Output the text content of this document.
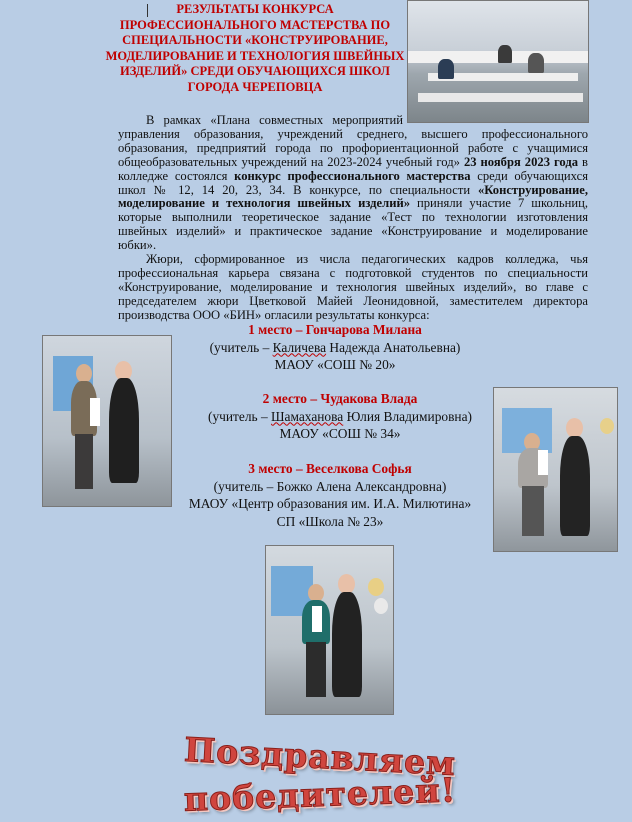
РЕЗУЛЬТАТЫ КОНКУРСА ПРОФЕССИОНАЛЬНОГО МАСТЕРСТВА ПО СПЕЦИАЛЬНОСТИ «КОНСТРУИРОВАНИЕ, МОДЕЛИРОВАНИЕ И ТЕХНОЛОГИЯ ШВЕЙНЫХ ИЗДЕЛИЙ» СРЕДИ ОБУЧАЮЩИХСЯ ШКОЛ ГОРОДА ЧЕРЕПОВЦА

В рамках «Плана совместных мероприятий управления образования, учреждений среднего, высшего профессионального образования, предприятий города по профориентационной работе с учащимися общеобразовательных учреждений на 2023-2024 учебный год» 23 ноября 2023 года в колледже состоялся конкурс профессионального мастерства среди обучающихся школ № 12, 14 20, 23, 34. В конкурсе, по специальности «Конструирование, моделирование и технология швейных изделий» приняли участие 7 школьниц, которые выполнили теоретическое задание «Тест по технологии изготовления швейных изделий» и практическое задание «Конструирование и моделирование юбки».

Жюри, сформированное из числа педагогических кадров колледжа, чья профессиональная карьера связана с подготовкой студентов по специальности «Конструирование, моделирование и технология швейных изделий», во главе с председателем жюри Цветковой Майей Леонидовной, заместителем директора производства ООО «БИН» огласили результаты конкурса:

1 место – Гончарова Милана
(учитель – Каличева Надежда Анатольевна)
МАОУ «СОШ № 20»
2 место – Чудакова Влада
(учитель – Шамаханова Юлия Владимировна)
МАОУ «СОШ № 34»
3 место – Веселкова Софья
(учитель – Божко Алена Александровна)
МАОУ «Центр образования им. И.А. Милютина» СП «Школа № 23»
Поздравляем
победителей!
